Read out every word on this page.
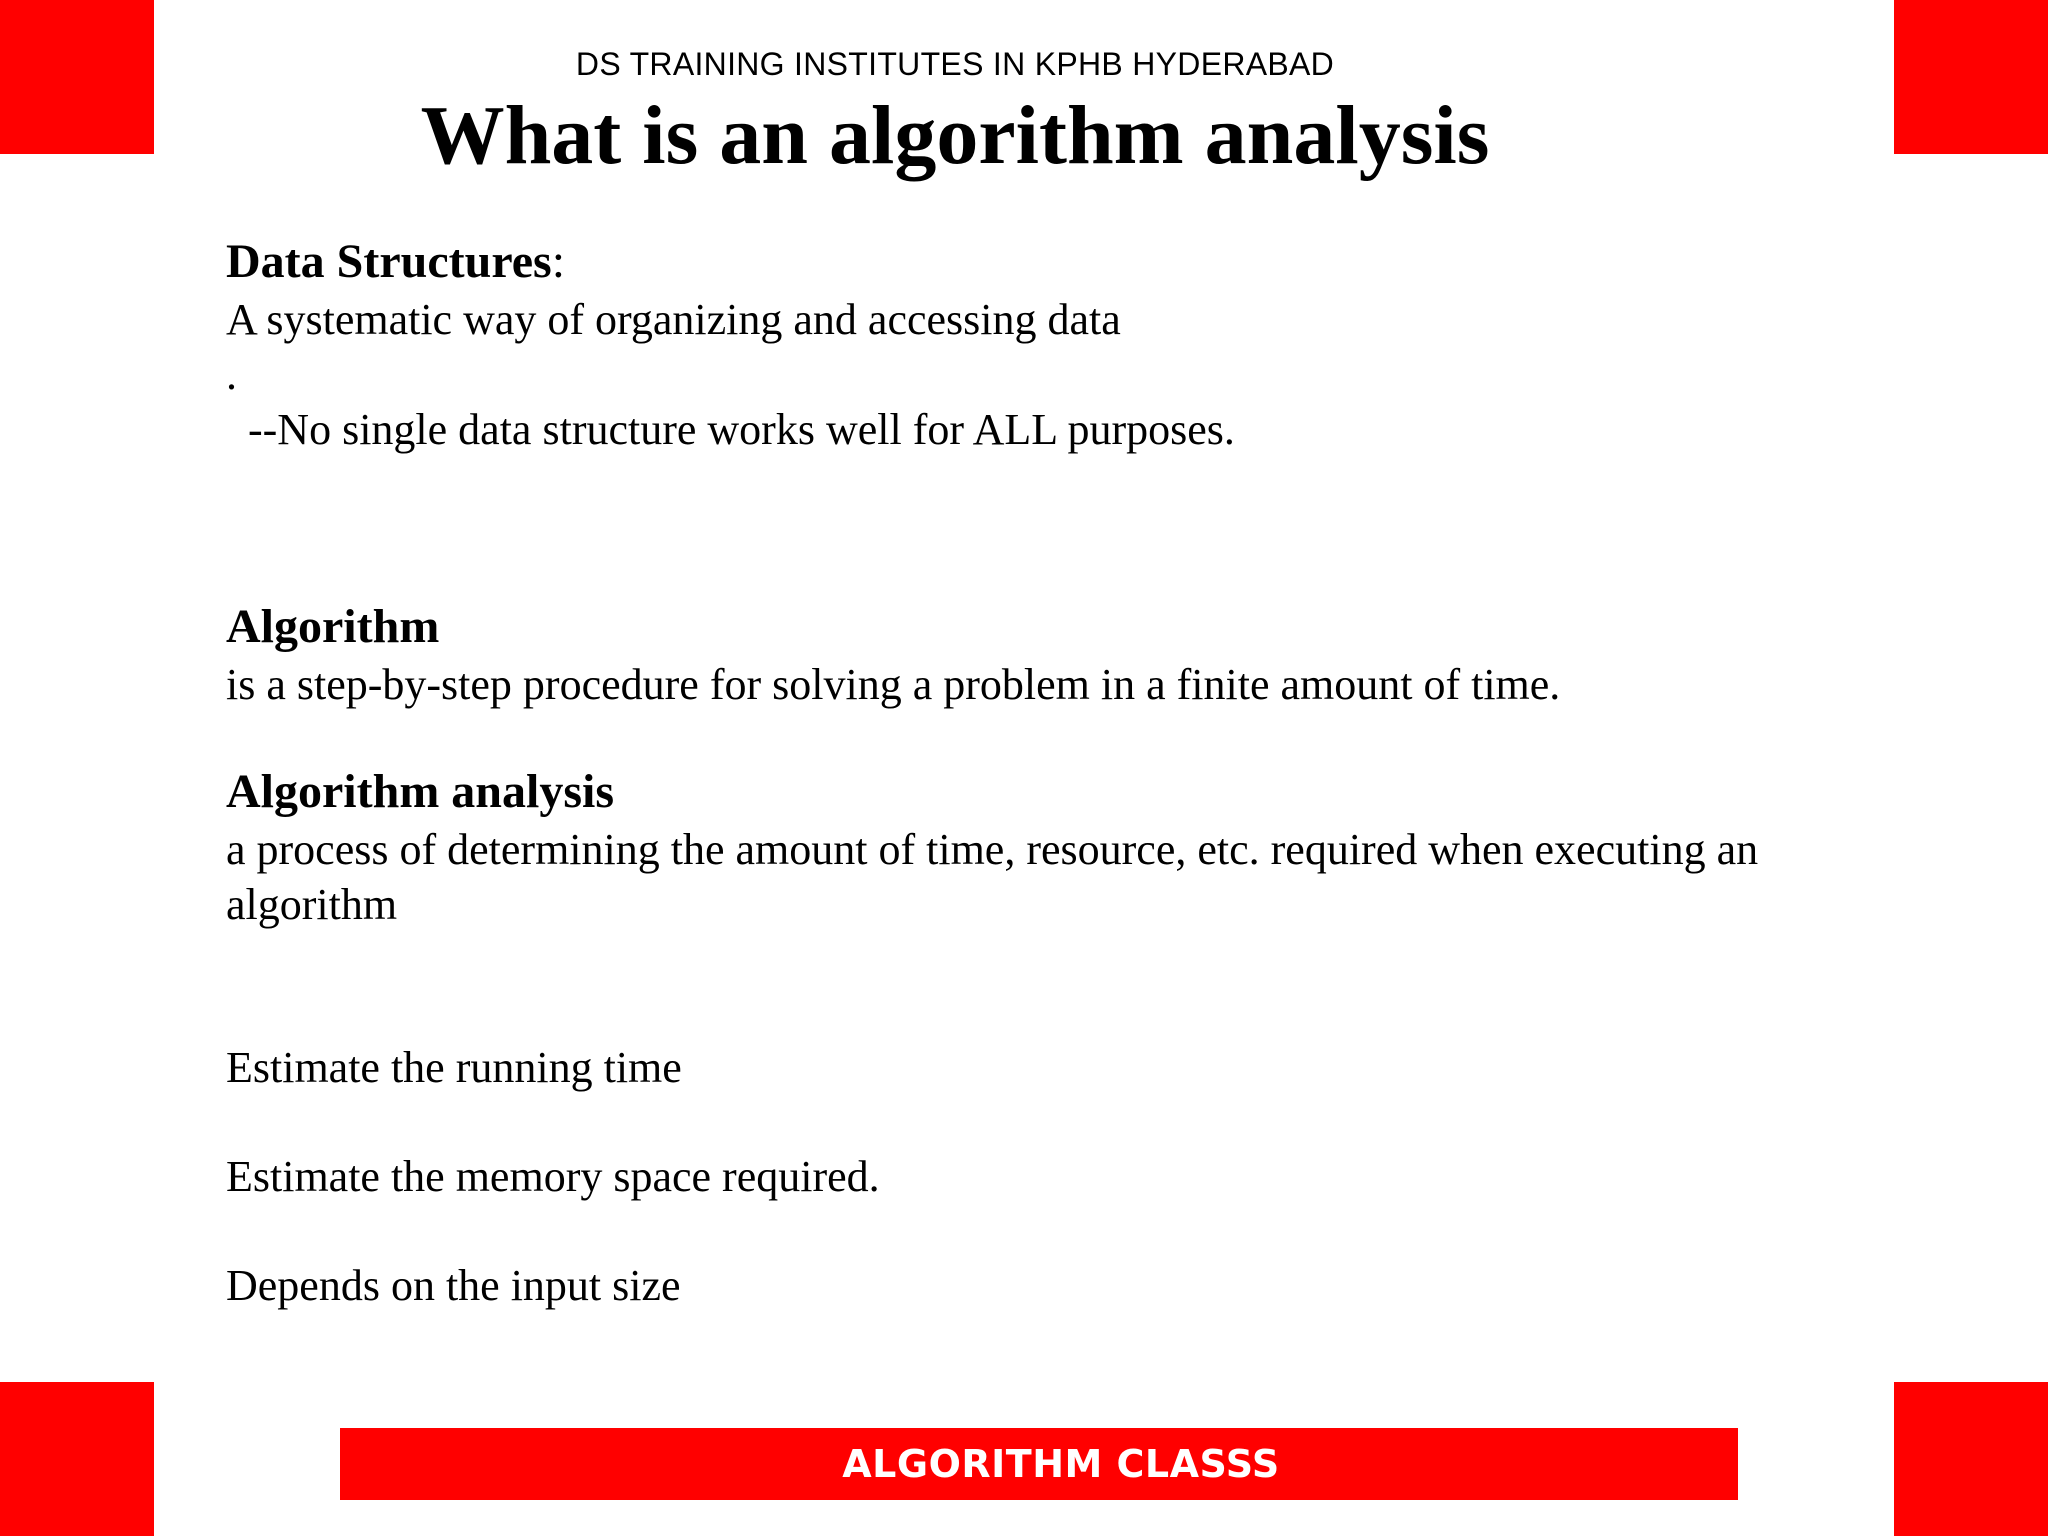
DS TRAINING INSTITUTES IN KPHB HYDERABAD
What is an algorithm analysis
Data Structures:
A systematic way of organizing and accessing data
.
--No single data structure works well for ALL purposes.
Algorithm
is a step-by-step procedure for solving a problem in a finite amount of time.
Algorithm analysis
a process of determining the amount of time, resource, etc. required when executing an
algorithm
Estimate the running time
Estimate the memory space required.
Depends on the input size
ALGORITHM CLASSS
